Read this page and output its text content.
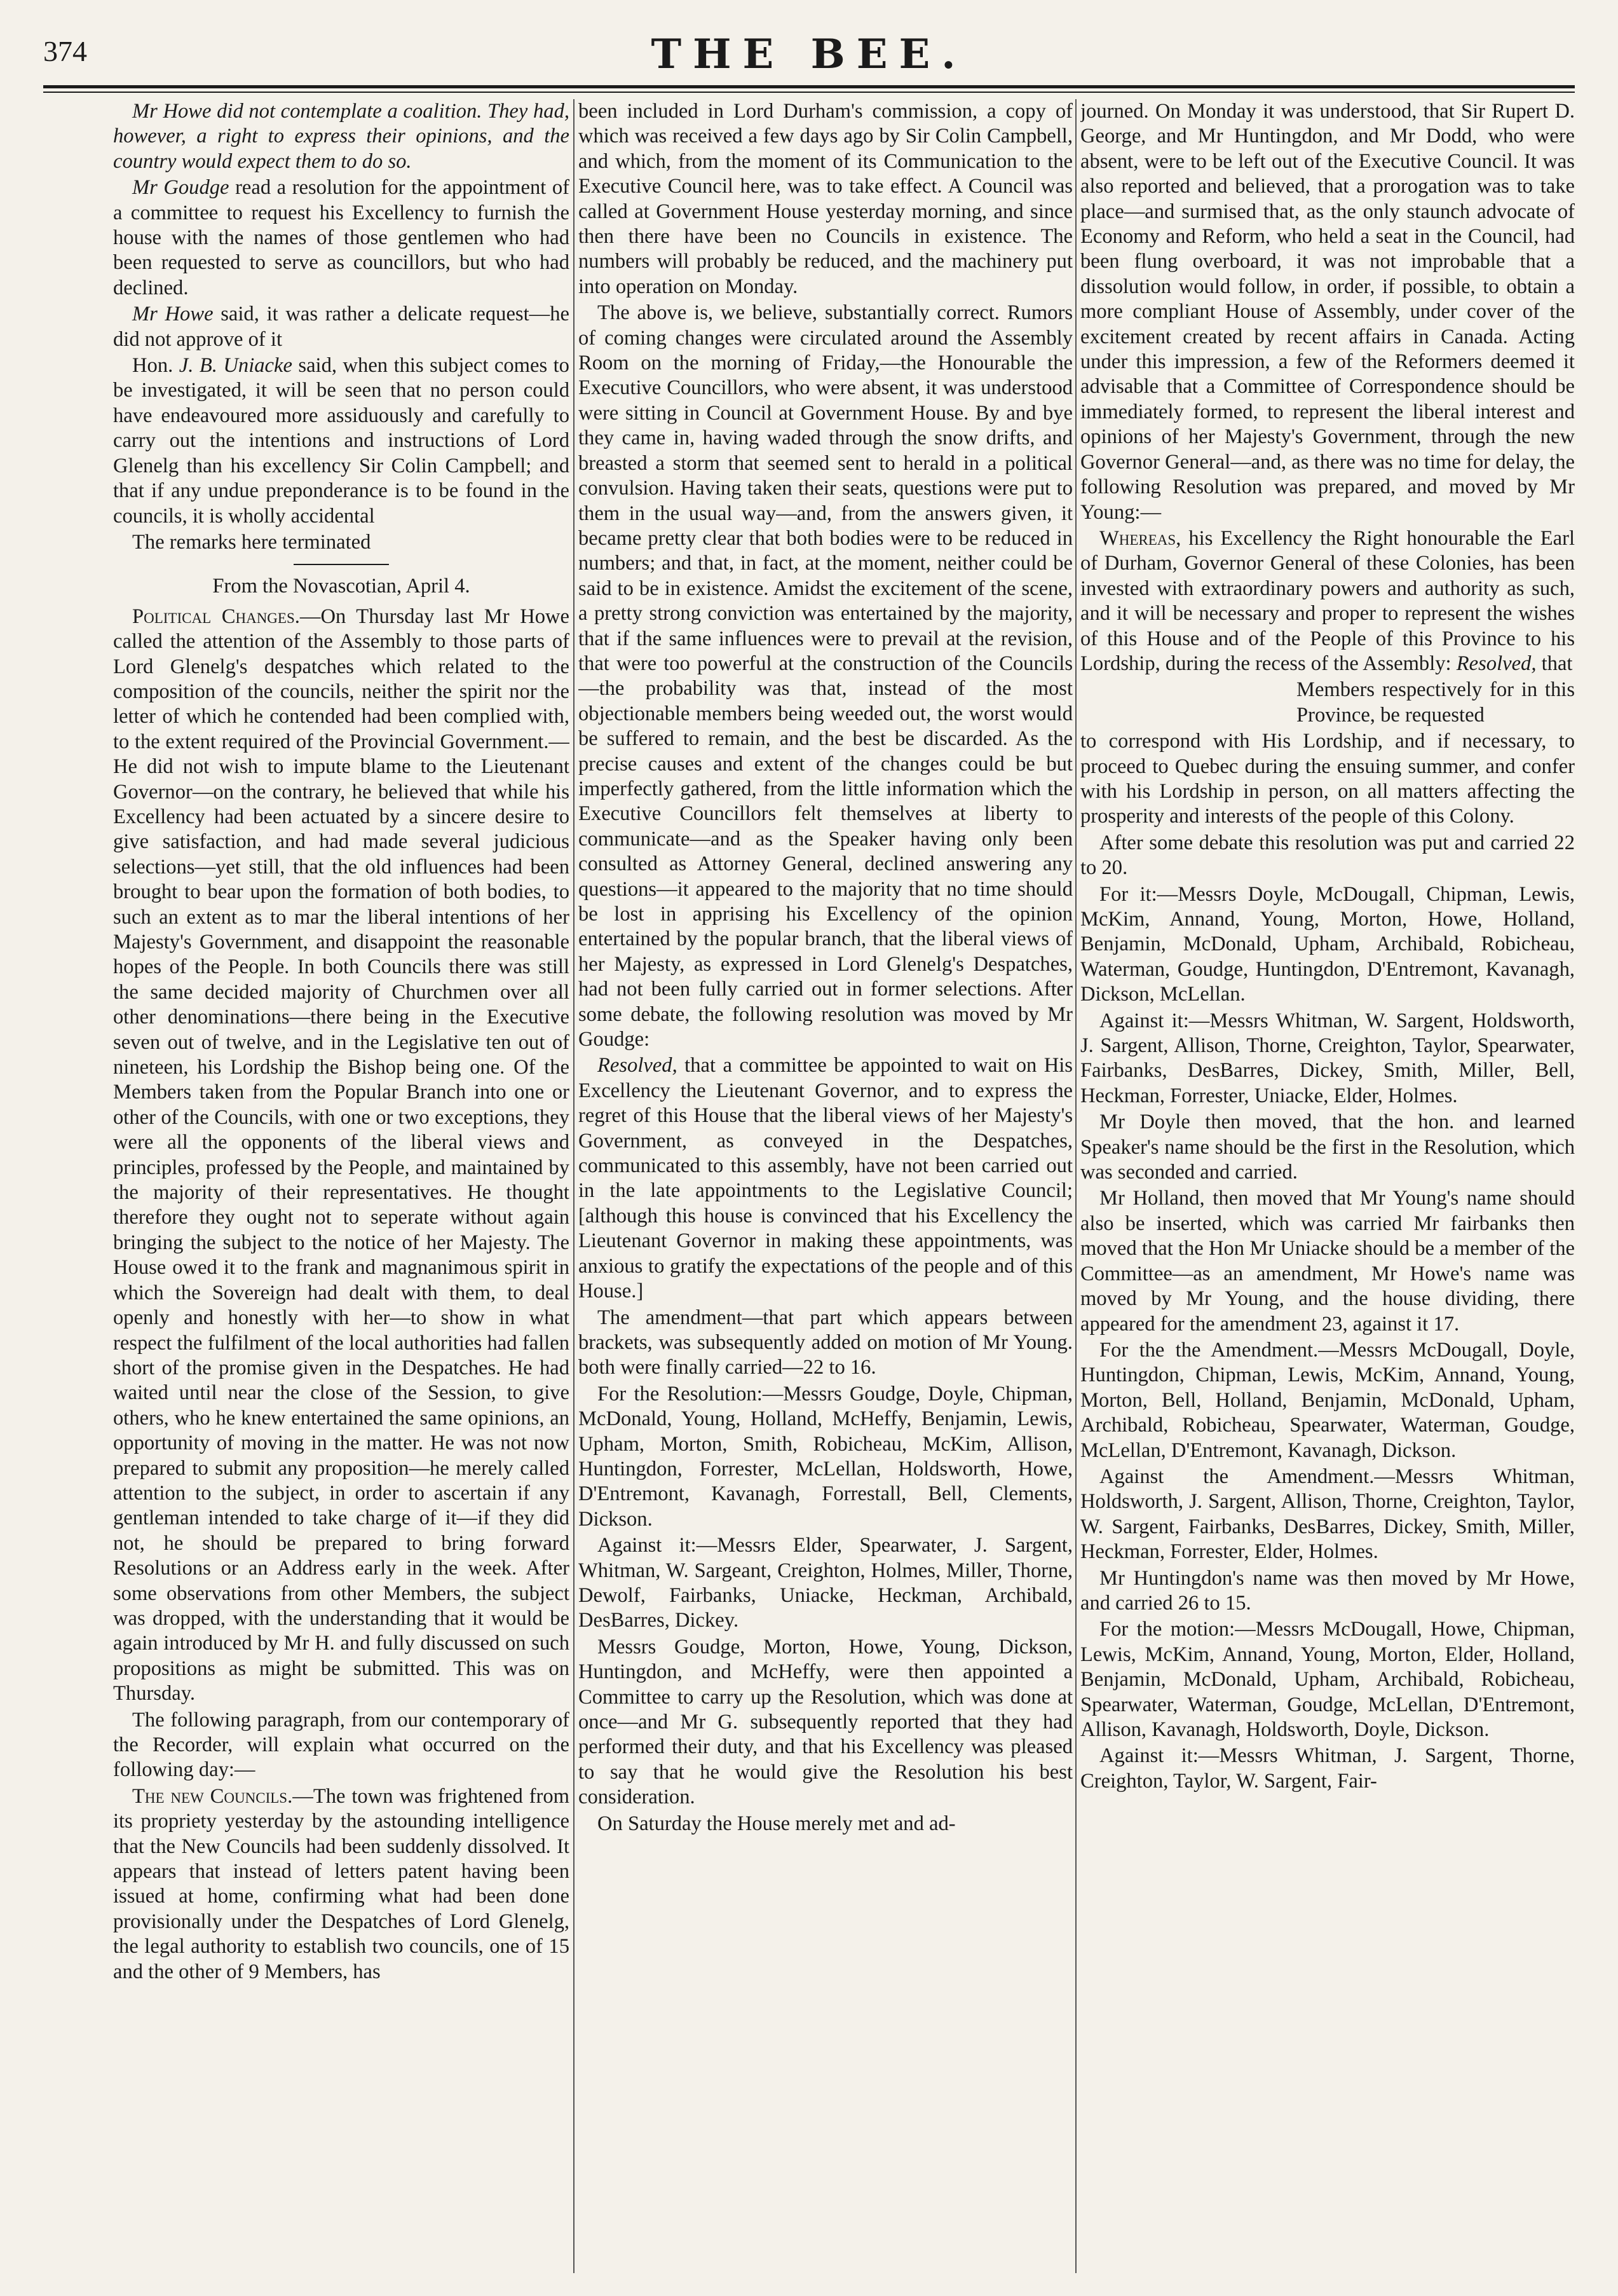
374	THE BEE.

Mr Howe did not contemplate a coalition. They had, however, a right to express their opinions, and the country would expect them to do so.

Mr Goudge read a resolution for the appointment of a committee to request his Excellency to furnish the house with the names of those gentlemen who had been requested to serve as councillors, but who had declined.

Mr Howe said, it was rather a delicate request—he did not approve of it

Hon. J. B. Uniacke said, when this subject comes to be investigated, it will be seen that no person could have endeavoured more assiduously and carefully to carry out the intentions and instructions of Lord Glenelg than his excellency Sir Colin Campbell; and that if any undue preponderance is to be found in the councils, it is wholly accidental

The remarks here terminated

From the Novascotian, April 4.

Political Changes.—On Thursday last Mr Howe called the attention of the Assembly to those parts of Lord Glenelg's despatches which related to the composition of the councils, neither the spirit nor the letter of which he contended had been complied with, to the extent required of the Provincial Government.—He did not wish to impute blame to the Lieutenant Governor—on the contrary, he believed that while his Excellency had been actuated by a sincere desire to give satisfaction, and had made several judicious selections—yet still, that the old influences had been brought to bear upon the formation of both bodies, to such an extent as to mar the liberal intentions of her Majesty's Government, and disappoint the reasonable hopes of the People. In both Councils there was still the same decided majority of Churchmen over all other denominations—there being in the Executive seven out of twelve, and in the Legislative ten out of nineteen, his Lordship the Bishop being one. Of the Members taken from the Popular Branch into one or other of the Councils, with one or two exceptions, they were all the opponents of the liberal views and principles, professed by the People, and maintained by the majority of their representatives. He thought therefore they ought not to seperate without again bringing the subject to the notice of her Majesty. The House owed it to the frank and magnanimous spirit in which the Sovereign had dealt with them, to deal openly and honestly with her—to show in what respect the fulfilment of the local authorities had fallen short of the promise given in the Despatches. He had waited until near the close of the Session, to give others, who he knew entertained the same opinions, an opportunity of moving in the matter. He was not now prepared to submit any proposition—he merely called attention to the subject, in order to ascertain if any gentleman intended to take charge of it—if they did not, he should be prepared to bring forward Resolutions or an Address early in the week. After some observations from other Members, the subject was dropped, with the understanding that it would be again introduced by Mr H. and fully discussed on such propositions as might be submitted. This was on Thursday.

The following paragraph, from our contemporary of the Recorder, will explain what occurred on the following day:—

The new Councils.—The town was frightened from its propriety yesterday by the astounding intelligence that the New Councils had been suddenly dissolved. It appears that instead of letters patent having been issued at home, confirming what had been done provisionally under the Despatches of Lord Glenelg, the legal authority to establish two councils, one of 15 and the other of 9 Members, has

been included in Lord Durham's commission, a copy of which was received a few days ago by Sir Colin Campbell, and which, from the moment of its Communication to the Executive Council here, was to take effect. A Council was called at Government House yesterday morning, and since then there have been no Councils in existence. The numbers will probably be reduced, and the machinery put into operation on Monday.

The above is, we believe, substantially correct. Rumors of coming changes were circulated around the Assembly Room on the morning of Friday,—the Honourable the Executive Councillors, who were absent, it was understood were sitting in Council at Government House. By and bye they came in, having waded through the snow drifts, and breasted a storm that seemed sent to herald in a political convulsion. Having taken their seats, questions were put to them in the usual way—and, from the answers given, it became pretty clear that both bodies were to be reduced in numbers; and that, in fact, at the moment, neither could be said to be in existence. Amidst the excitement of the scene, a pretty strong conviction was entertained by the majority, that if the same influences were to prevail at the revision, that were too powerful at the construction of the Councils—the probability was that, instead of the most objectionable members being weeded out, the worst would be suffered to remain, and the best be discarded. As the precise causes and extent of the changes could be but imperfectly gathered, from the little information which the Executive Councillors felt themselves at liberty to communicate—and as the Speaker having only been consulted as Attorney General, declined answering any questions—it appeared to the majority that no time should be lost in apprising his Excellency of the opinion entertained by the popular branch, that the liberal views of her Majesty, as expressed in Lord Glenelg's Despatches, had not been fully carried out in former selections. After some debate, the following resolution was moved by Mr Goudge:

Resolved, that a committee be appointed to wait on His Excellency the Lieutenant Governor, and to express the regret of this House that the liberal views of her Majesty's Government, as conveyed in the Despatches, communicated to this assembly, have not been carried out in the late appointments to the Legislative Council; [although this house is convinced that his Excellency the Lieutenant Governor in making these appointments, was anxious to gratify the expectations of the people and of this House.]

The amendment—that part which appears between brackets, was subsequently added on motion of Mr Young. both were finally carried—22 to 16.

For the Resolution:—Messrs Goudge, Doyle, Chipman, McDonald, Young, Holland, McHeffy, Benjamin, Lewis, Upham, Morton, Smith, Robicheau, McKim, Allison, Huntingdon, Forrester, McLellan, Holdsworth, Howe, D'Entremont, Kavanagh, Forrestall, Bell, Clements, Dickson.

Against it:—Messrs Elder, Spearwater, J. Sargent, Whitman, W. Sargeant, Creighton, Holmes, Miller, Thorne, Dewolf, Fairbanks, Uniacke, Heckman, Archibald, DesBarres, Dickey.

Messrs Goudge, Morton, Howe, Young, Dickson, Huntingdon, and McHeffy, were then appointed a Committee to carry up the Resolution, which was done at once—and Mr G. subsequently reported that they had performed their duty, and that his Excellency was pleased to say that he would give the Resolution his best consideration.

On Saturday the House merely met and ad-

journed. On Monday it was understood, that Sir Rupert D. George, and Mr Huntingdon, and Mr Dodd, who were absent, were to be left out of the Executive Council. It was also reported and believed, that a prorogation was to take place—and surmised that, as the only staunch advocate of Economy and Reform, who held a seat in the Council, had been flung overboard, it was not improbable that a dissolution would follow, in order, if possible, to obtain a more compliant House of Assembly, under cover of the excitement created by recent affairs in Canada. Acting under this impression, a few of the Reformers deemed it advisable that a Committee of Correspondence should be immediately formed, to represent the liberal interest and opinions of her Majesty's Government, through the new Governor General—and, as there was no time for delay, the following Resolution was prepared, and moved by Mr Young:—

Whereas, his Excellency the Right honourable the Earl of Durham, Governor General of these Colonies, has been invested with extraordinary powers and authority as such, and it will be necessary and proper to represent the wishes of this House and of the People of this Province to his Lordship, during the recess of the Assembly: Resolved, that

Members respectively for in this Province, be requested

to correspond with His Lordship, and if necessary, to proceed to Quebec during the ensuing summer, and confer with his Lordship in person, on all matters affecting the prosperity and interests of the people of this Colony.

After some debate this resolution was put and carried 22 to 20.

For it:—Messrs Doyle, McDougall, Chipman, Lewis, McKim, Annand, Young, Morton, Howe, Holland, Benjamin, McDonald, Upham, Archibald, Robicheau, Waterman, Goudge, Huntingdon, D'Entremont, Kavanagh, Dickson, McLellan.

Against it:—Messrs Whitman, W. Sargent, Holdsworth, J. Sargent, Allison, Thorne, Creighton, Taylor, Spearwater, Fairbanks, DesBarres, Dickey, Smith, Miller, Bell, Heckman, Forrester, Uniacke, Elder, Holmes.

Mr Doyle then moved, that the hon. and learned Speaker's name should be the first in the Resolution, which was seconded and carried.

Mr Holland, then moved that Mr Young's name should also be inserted, which was carried Mr fairbanks then moved that the Hon Mr Uniacke should be a member of the Committee—as an amendment, Mr Howe's name was moved by Mr Young, and the house dividing, there appeared for the amendment 23, against it 17.

For the the Amendment.—Messrs McDougall, Doyle, Huntingdon, Chipman, Lewis, McKim, Annand, Young, Morton, Bell, Holland, Benjamin, McDonald, Upham, Archibald, Robicheau, Spearwater, Waterman, Goudge, McLellan, D'Entremont, Kavanagh, Dickson.

Against the Amendment.—Messrs Whitman, Holdsworth, J. Sargent, Allison, Thorne, Creighton, Taylor, W. Sargent, Fairbanks, DesBarres, Dickey, Smith, Miller, Heckman, Forrester, Elder, Holmes.

Mr Huntingdon's name was then moved by Mr Howe, and carried 26 to 15.

For the motion:—Messrs McDougall, Howe, Chipman, Lewis, McKim, Annand, Young, Morton, Elder, Holland, Benjamin, McDonald, Upham, Archibald, Robicheau, Spearwater, Waterman, Goudge, McLellan, D'Entremont, Allison, Kavanagh, Holdsworth, Doyle, Dickson.

Against it:—Messrs Whitman, J. Sargent, Thorne, Creighton, Taylor, W. Sargent, Fair-
